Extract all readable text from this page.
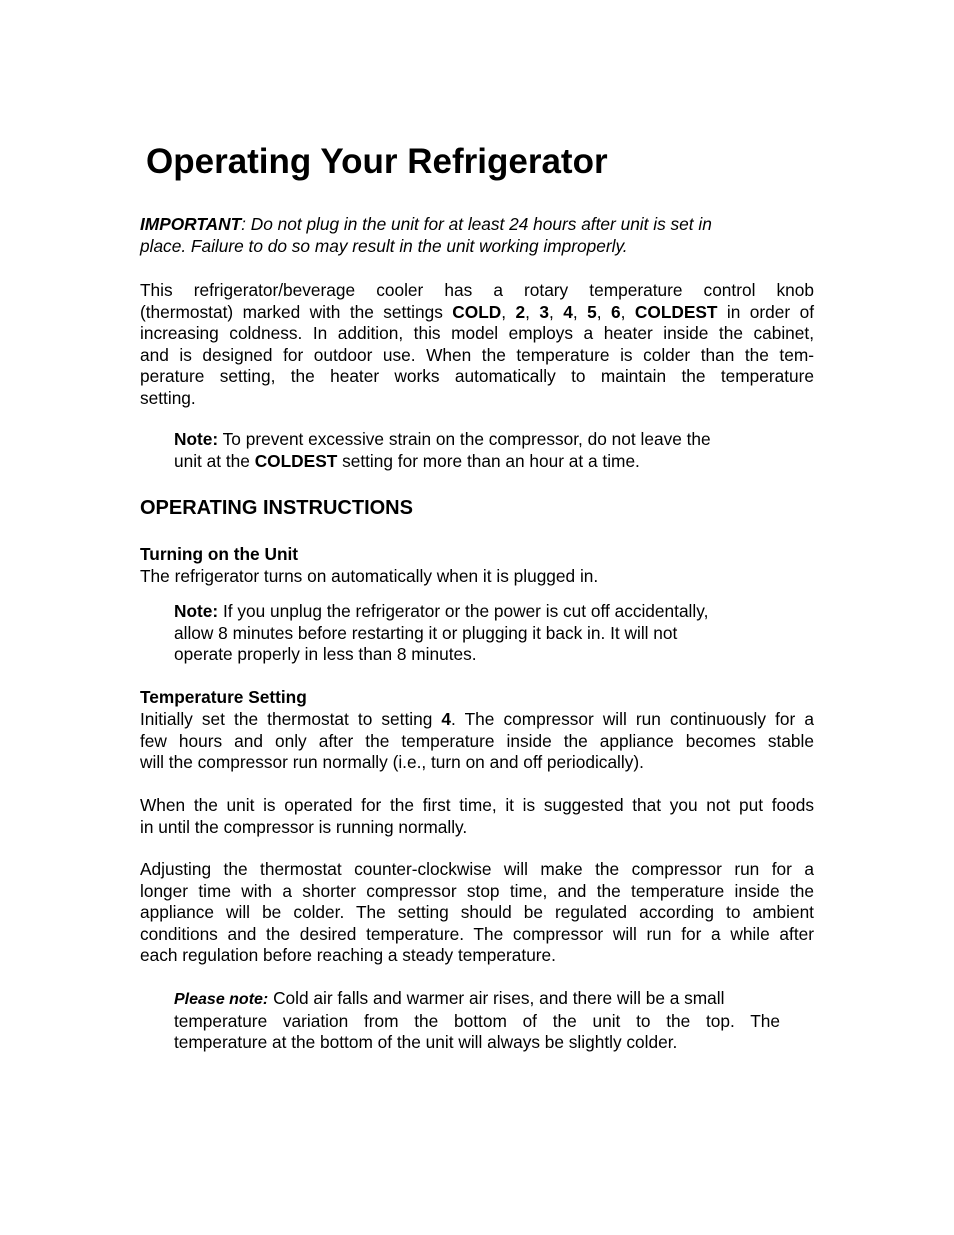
Operating Your Refrigerator

IMPORTANT: Do not plug in the unit for at least 24 hours after unit is set in
place. Failure to do so may result in the unit working improperly.

This refrigerator/beverage cooler has a rotary temperature control knob
(thermostat) marked with the settings COLD, 2, 3, 4, 5, 6, COLDEST in order of
increasing coldness. In addition, this model employs a heater inside the cabinet,
and is designed for outdoor use. When the temperature is colder than the tem-
perature setting, the heater works automatically to maintain the temperature
setting.

Note: To prevent excessive strain on the compressor, do not leave the
unit at the COLDEST setting for more than an hour at a time.

OPERATING INSTRUCTIONS
Turning on the Unit

The refrigerator turns on automatically when it is plugged in.

Note: If you unplug the refrigerator or the power is cut off accidentally,
allow 8 minutes before restarting it or plugging it back in. It will not
operate properly in less than 8 minutes.

Temperature Setting

Initially set the thermostat to setting 4. The compressor will run continuously for a
few hours and only after the temperature inside the appliance becomes stable
will the compressor run normally (i.e., turn on and off periodically).

When the unit is operated for the first time, it is suggested that you not put foods
in until the compressor is running normally.

Adjusting the thermostat counter-clockwise will make the compressor run for a
longer time with a shorter compressor stop time, and the temperature inside the
appliance will be colder. The setting should be regulated according to ambient
conditions and the desired temperature. The compressor will run for a while after
each regulation before reaching a steady temperature.

Please note: Cold air falls and warmer air rises, and there will be a small
temperature variation from the bottom of the unit to the top. The
temperature at the bottom of the unit will always be slightly colder.
